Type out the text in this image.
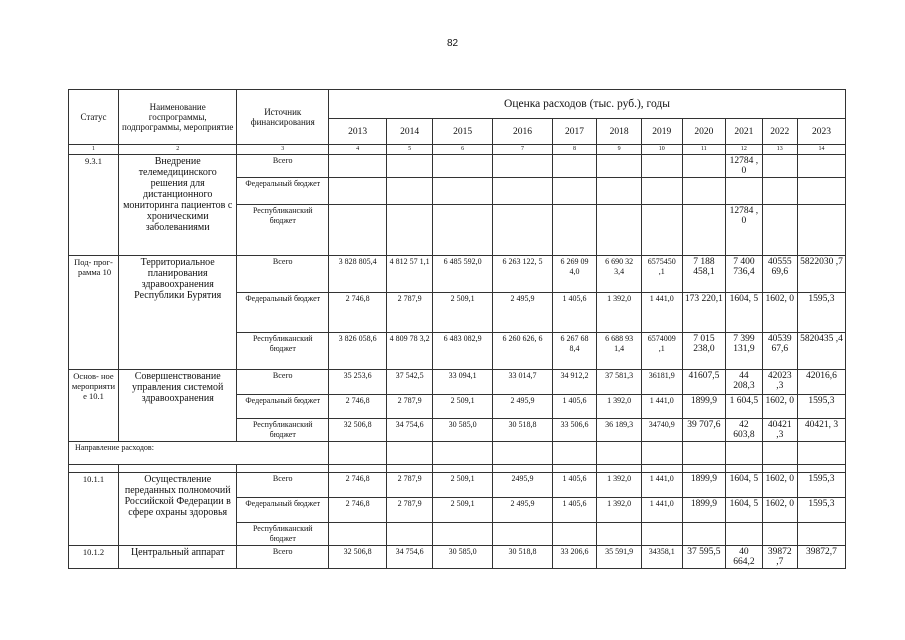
82
Статус	Наименование госпрограммы, подпрограммы, мероприятие	Источник финансирования	Оценка расходов (тыс. руб.), годы										
			2013	2014	2015	2016	2017	2018	2019	2020	2021	2022	2023
1	2	3	4	5	6	7	8	9	10	11	12	13	14
9.3.1	Внедрение телемедицинского решения для дистанционного мониторинга пациентов с хроническими заболеваниями	Всего									12784 ,0		
		Федеральный бюджет											
		Республиканский бюджет									12784 ,0		
Под- прог- рамма 10	Территориальное планирования здравоохранения Республики Бурятия	Всего	3 828 805,4	4 812 57 1,1	6 485 592,0	6 263 122, 5	6 269 09 4,0	6 690 32 3,4	6575450 ,1	7 188 458,1	7 400 736,4	40555 69,6	5822030 ,7
		Федеральный бюджет	2 746,8	2 787,9	2 509,1	2 495,9	1 405,6	1 392,0	1 441,0	173 220,1	1604, 5	1602, 0	1595,3
		Республиканский бюджет	3 826 058,6	4 809 78 3,2	6 483 082,9	6 260 626, 6	6 267 68 8,4	6 688 93 1,4	6574009 ,1	7 015 238,0	7 399 131,9	40539 67,6	5820435 ,4
Основ- ное мероприятие 10.1	Совершенствование управления системой здравоохранения	Всего	35 253,6	37 542,5	33 094,1	33 014,7	34 912,2	37 581,3	36181,9	41607,5	44 208,3	42023 ,3	42016,6
		Федеральный бюджет	2 746,8	2 787,9	2 509,1	2 495,9	1 405,6	1 392,0	1 441,0	1899,9	1 604,5	1602, 0	1595,3
		Республиканский бюджет	32 506,8	34 754,6	30 585,0	30 518,8	33 506,6	36 189,3	34740,9	39 707,6	42 603,8	40421 ,3	40421, 3
Направление расходов:													

10.1.1	Осуществление переданных полномочий Российской Федерации в сфере охраны здоровья	Всего	2 746,8	2 787,9	2 509,1	2495,9	1 405,6	1 392,0	1 441,0	1899,9	1604, 5	1602, 0	1595,3
		Федеральный бюджет	2 746,8	2 787,9	2 509,1	2 495,9	1 405,6	1 392,0	1 441,0	1899,9	1604, 5	1602, 0	1595,3
		Республиканский бюджет											
10.1.2	Центральный аппарат	Всего	32 506,8	34 754,6	30 585,0	30 518,8	33 206,6	35 591,9	34358,1	37 595,5	40 664,2	39872 ,7	39872,7
